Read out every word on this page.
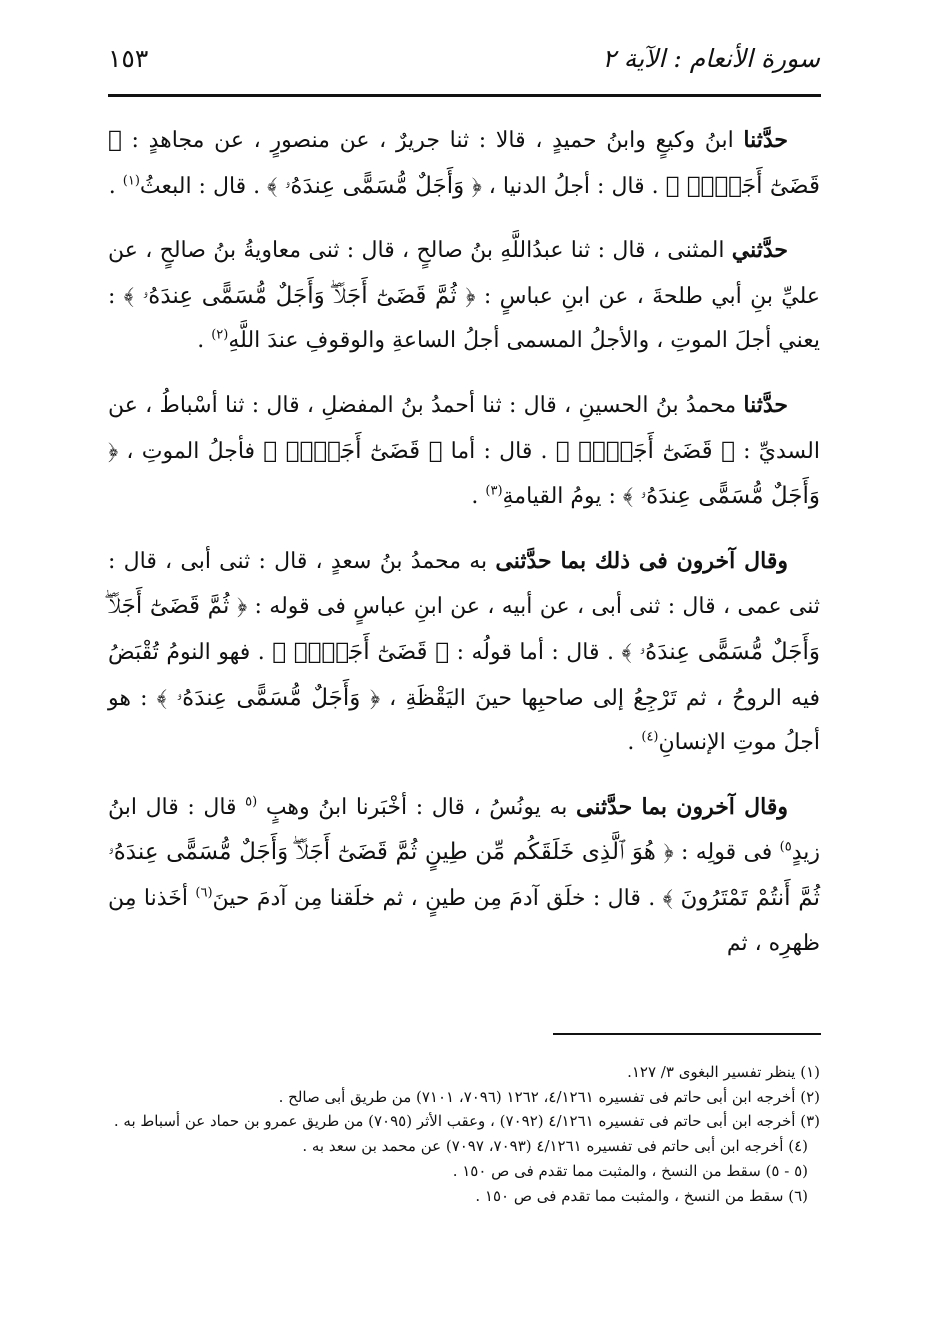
سورة الأنعام : الآية ٢
١٥٣

حدَّثنا ابنُ وكيعٍ وابنُ حميدٍ ، قالا : ثنا جريرٌ ، عن منصورٍ ، عن مجاهدٍ : ﴿ قَضَىٰٓ أَجَلًاۖ ﴾ . قال : أجلُ الدنيا ، ﴿ وَأَجَلٌ مُّسَمًّى عِندَهُۥ ﴾ . قال : البعثُ$^{(١)}$ .

حدَّثني المثنى ، قال : ثنا عبدُاللَّهِ بنُ صالحٍ ، قال : ثنى معاويةُ بنُ صالحٍ ، عن عليِّ بنِ أبي طلحةَ ، عن ابنِ عباسٍ : ﴿ ثُمَّ قَضَىٰٓ أَجَلًاۖ وَأَجَلٌ مُّسَمًّى عِندَهُۥ ﴾ : يعني أجلَ الموتِ ، والأجلُ المسمى أجلُ الساعةِ والوقوفِ عندَ اللَّهِ$^{(٢)}$ .

حدَّثنا محمدُ بنُ الحسينِ ، قال : ثنا أحمدُ بنُ المفضلِ ، قال : ثنا أسْباطُ ، عن السديِّ : ﴿ قَضَىٰٓ أَجَلًاۖ ﴾ . قال : أما ﴿ قَضَىٰٓ أَجَلًاۖ ﴾ فأجلُ الموتِ ، ﴿ وَأَجَلٌ مُّسَمًّى عِندَهُۥ ﴾ : يومُ القيامةِ$^{(٣)}$ .

وقال آخرون فى ذلك بما حدَّثنى به محمدُ بنُ سعدٍ ، قال : ثنى أبى ، قال : ثنى عمى ، قال : ثنى أبى ، عن أبيه ، عن ابنِ عباسٍ فى قوله : ﴿ ثُمَّ قَضَىٰٓ أَجَلًاۖ وَأَجَلٌ مُّسَمًّى عِندَهُۥ ﴾ . قال : أما قولُه : ﴿ قَضَىٰٓ أَجَلًاۖ ﴾ . فهو النومُ تُقْبَضُ فيه الروحُ ، ثم تَرْجِعُ إلى صاحبِها حينَ اليَقْظَةِ ، ﴿ وَأَجَلٌ مُّسَمًّى عِندَهُۥ ﴾ : هو أجلُ موتِ الإنسانِ$^{(٤)}$ .

وقال آخرون بما حدَّثنى به يونُسُ ، قال : أخْبَرنا ابنُ وهبٍ $^{(٥}$ قال : قال ابنُ زيدٍ$^{٥)}$ فى قولِه : ﴿ هُوَ ٱلَّذِى خَلَقَكُم مِّن طِينٍ ثُمَّ قَضَىٰٓ أَجَلًاۖ وَأَجَلٌ مُّسَمًّى عِندَهُۥ ثُمَّ أَنتُمْ تَمْتَرُونَ ﴾ . قال : خلَق آدمَ مِن طينٍ ، ثم خلَقنا مِن آدمَ حينَ$^{(٦)}$ أخَذنا مِن ظهرِه ، ثم

(١) ينظر تفسير البغوى ٣/ ١٢٧.
(٢) أخرجه ابن أبى حاتم فى تفسيره ٤/١٢٦١، ١٢٦٢ (٧٠٩٦، ٧١٠١) من طريق أبى صالح .
(٣) أخرجه ابن أبى حاتم فى تفسيره ٤/١٢٦١ (٧٠٩٢) ، وعقب الأثر (٧٠٩٥) من طريق عمرو بن حماد عن أسباط به .
(٤) أخرجه ابن أبى حاتم فى تفسيره ٤/١٢٦١ (٧٠٩٣، ٧٠٩٧) عن محمد بن سعد به .
(٥ - ٥) سقط من النسخ ، والمثبت مما تقدم فى ص ١٥٠ .
(٦) سقط من النسخ ، والمثبت مما تقدم فى ص ١٥٠ .
